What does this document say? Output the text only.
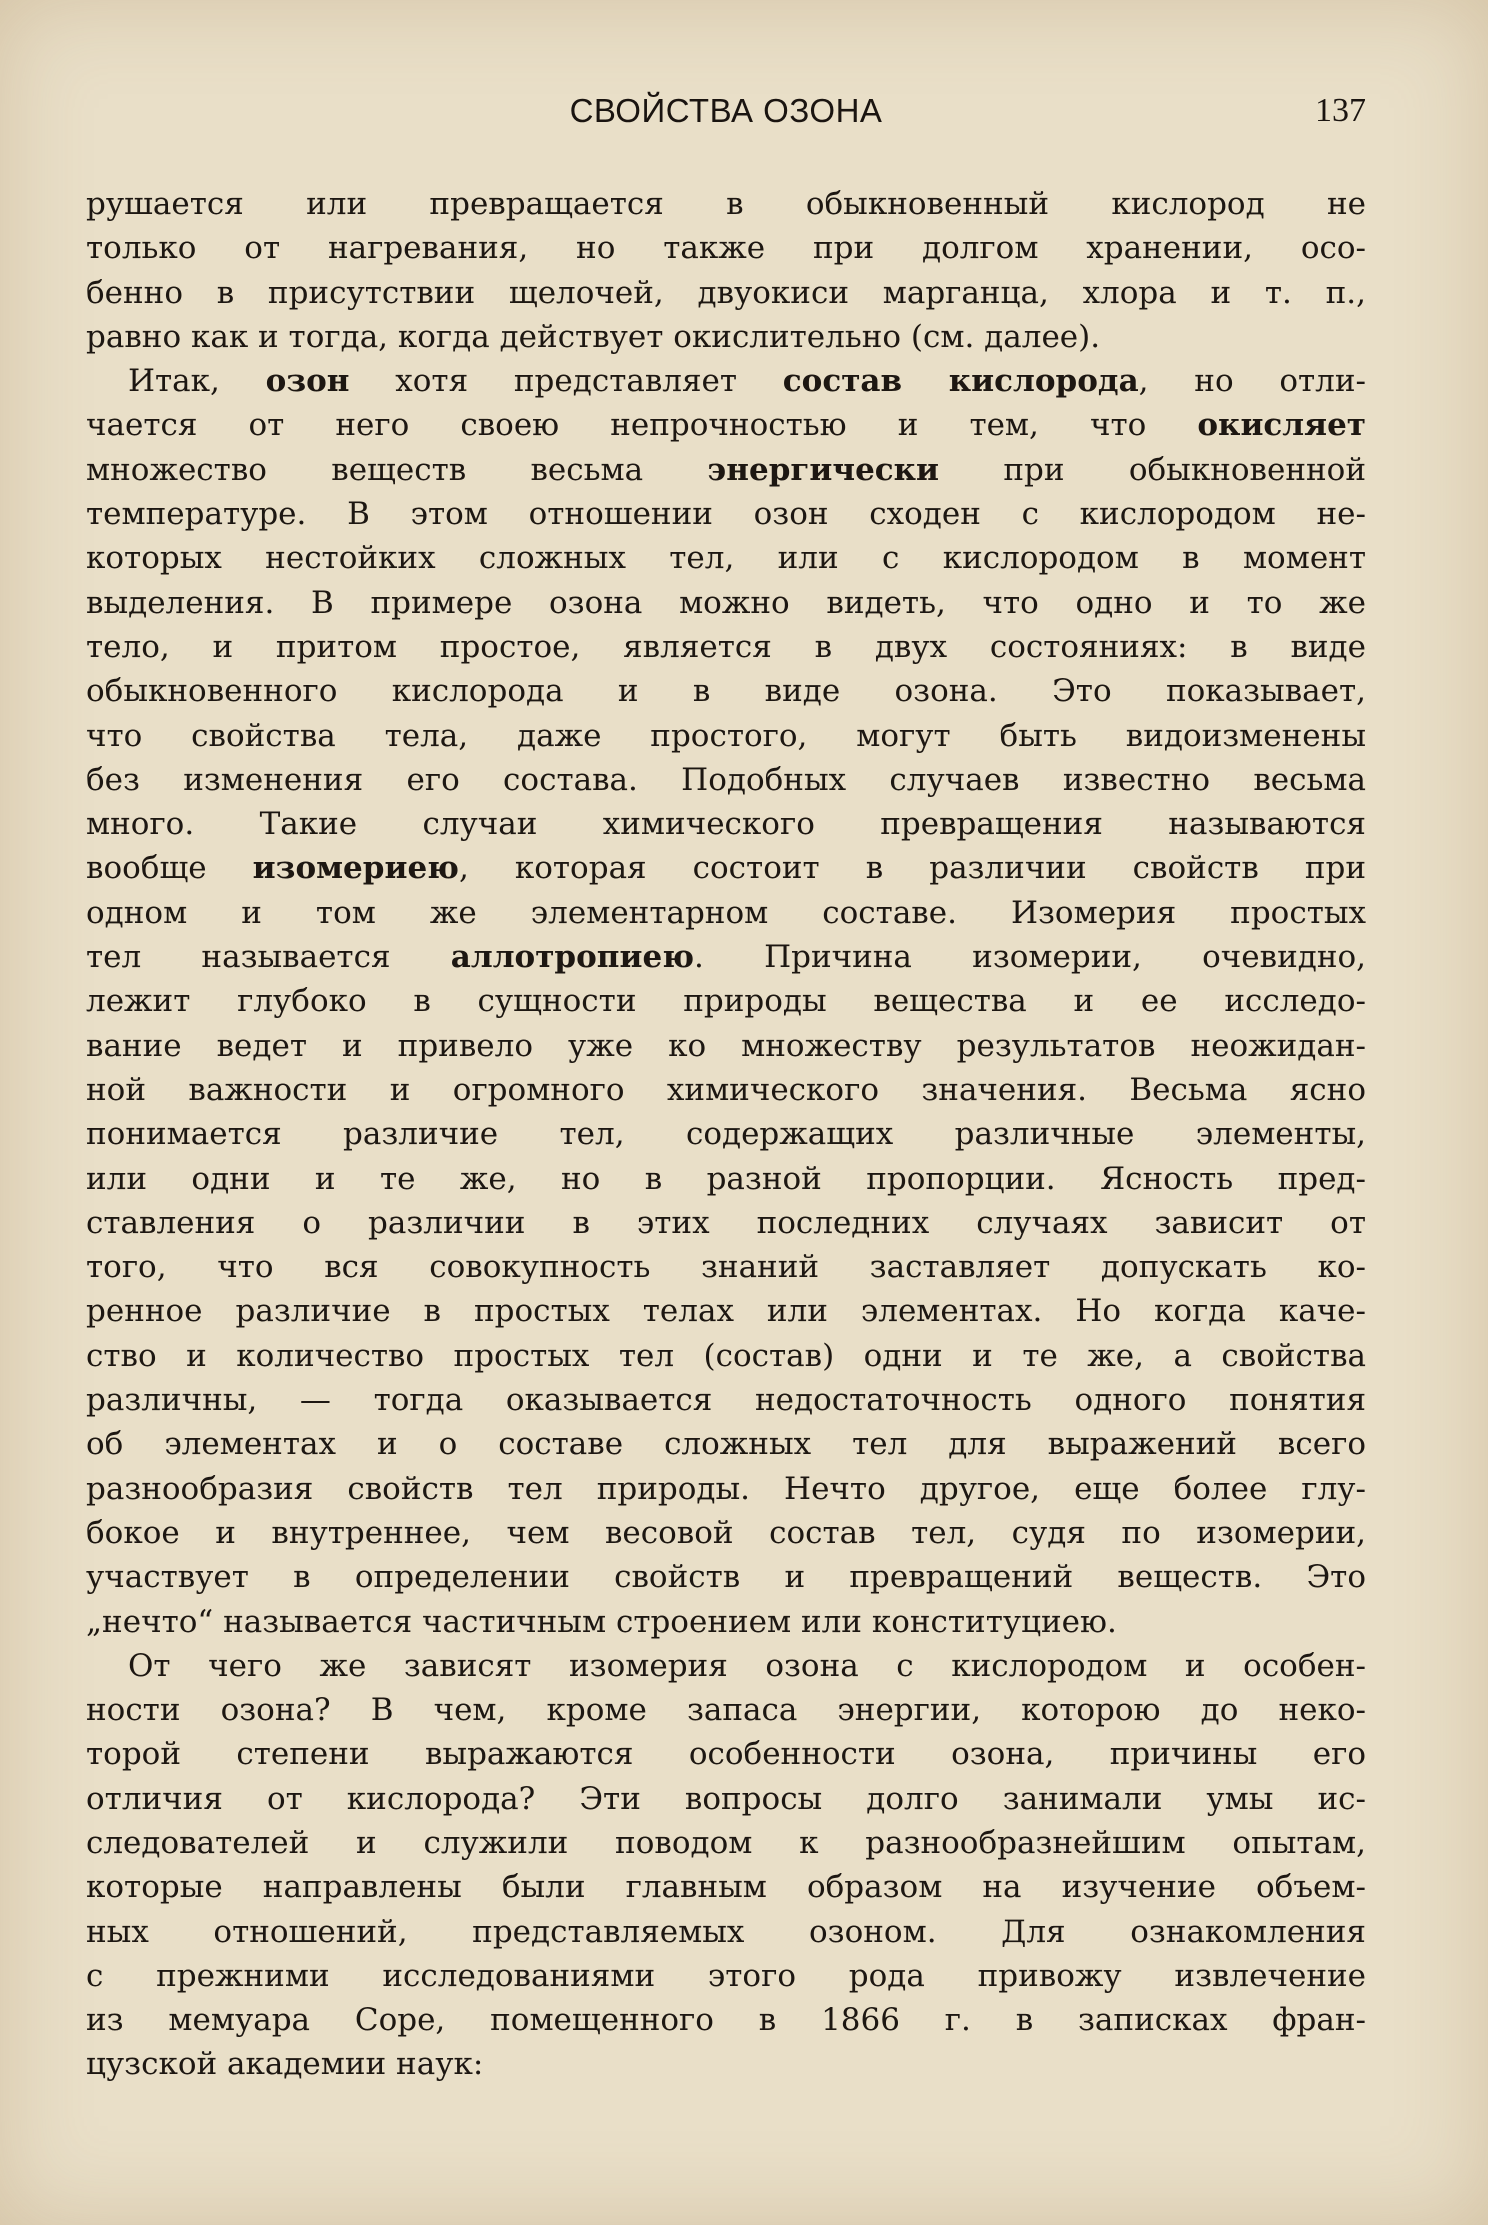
СВОЙСТВА ОЗОНА	137
рушается или превращается в обыкновенный кислород не
только от нагревания, но также при долгом хранении, осо-
бенно в присутствии щелочей, двуокиси марганца, хлора и т. п.,
равно как и тогда, когда действует окислительно (см. далее).
Итак, озон хотя представляет состав кислорода, но отли-
чается от него своею непрочностью и тем, что окисляет
множество веществ весьма энергически при обыкновенной
температуре. В этом отношении озон сходен с кислородом не-
которых нестойких сложных тел, или с кислородом в момент
выделения. В примере озона можно видеть, что одно и то же
тело, и притом простое, является в двух состояниях: в виде
обыкновенного кислорода и в виде озона. Это показывает,
что свойства тела, даже простого, могут быть видоизменены
без изменения его состава. Подобных случаев известно весьма
много. Такие случаи химического превращения называются
вообще изомериею, которая состоит в различии свойств при
одном и том же элементарном составе. Изомерия простых
тел называется аллотропиею. Причина изомерии, очевидно,
лежит глубоко в сущности природы вещества и ее исследо-
вание ведет и привело уже ко множеству результатов неожидан-
ной важности и огромного химического значения. Весьма ясно
понимается различие тел, содержащих различные элементы,
или одни и те же, но в разной пропорции. Ясность пред-
ставления о различии в этих последних случаях зависит от
того, что вся совокупность знаний заставляет допускать ко-
ренное различие в простых телах или элементах. Но когда каче-
ство и количество простых тел (состав) одни и те же, а свойства
различны, — тогда оказывается недостаточность одного понятия
об элементах и о составе сложных тел для выражений всего
разнообразия свойств тел природы. Нечто другое, еще более глу-
бокое и внутреннее, чем весовой состав тел, судя по изомерии,
участвует в определении свойств и превращений веществ. Это
„нечто“ называется частичным строением или конституциею.
От чего же зависят изомерия озона с кислородом и особен-
ности озона? В чем, кроме запаса энергии, которою до неко-
торой степени выражаются особенности озона, причины его
отличия от кислорода? Эти вопросы долго занимали умы ис-
следователей и служили поводом к разнообразнейшим опытам,
которые направлены были главным образом на изучение объем-
ных отношений, представляемых озоном. Для ознакомления
с прежними исследованиями этого рода привожу извлечение
из мемуара Соре, помещенного в 1866 г. в записках фран-
цузской академии наук:
